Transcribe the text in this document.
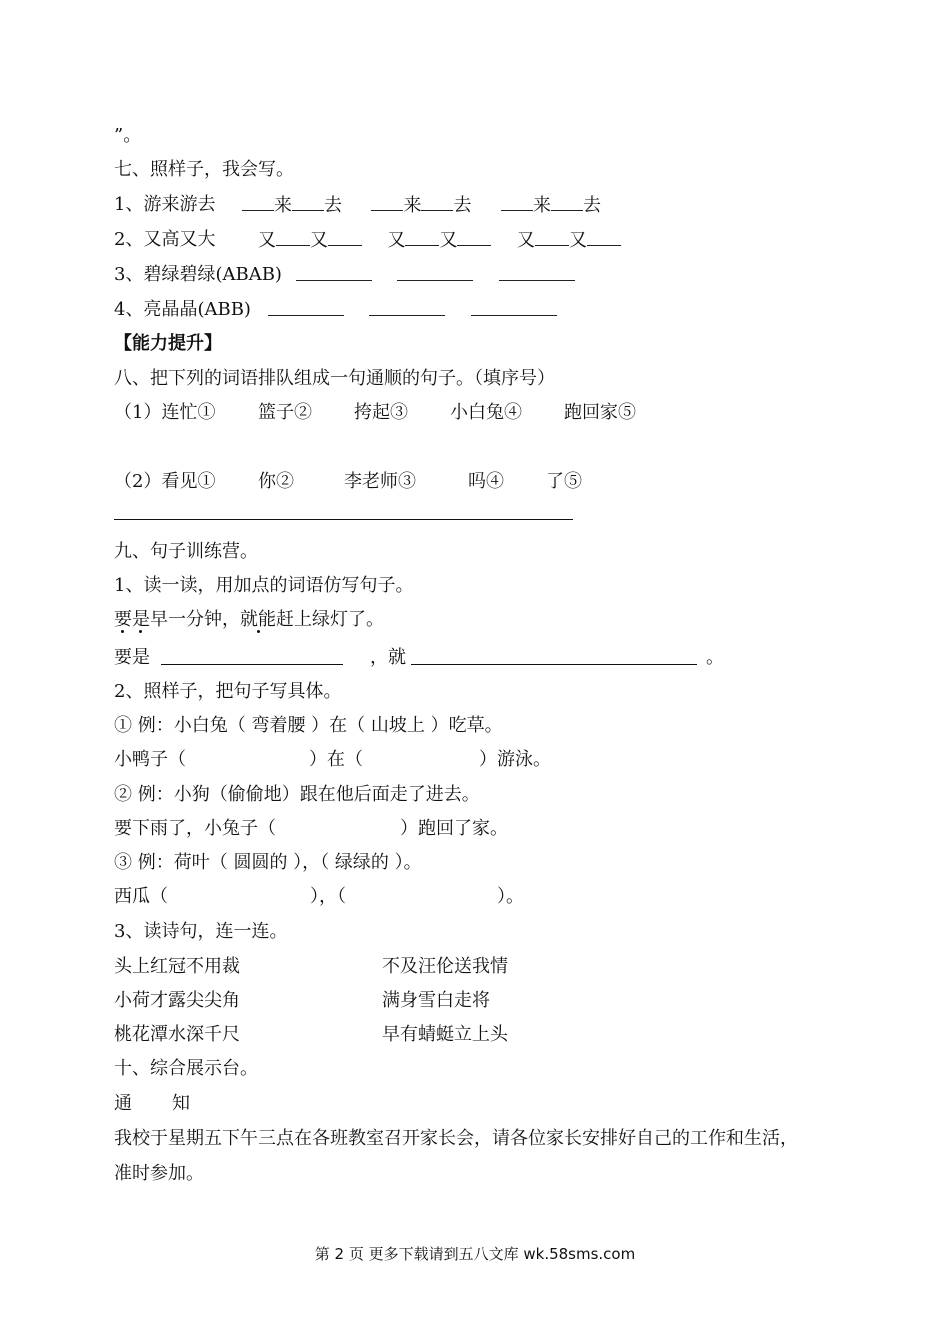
”。
七、照样子，我会写。
1、游来游去	来 去	来 去	来 去
2、又高又大 又 又	又 又	又 又
3、碧绿碧绿(ABAB)

4、亮晶晶(ABB)

【能力提升】
八、把下列的词语排队组成一句通顺的句子。（填序号）
（1）连忙① 篮子② 挎起③ 小白兔④ 跑回家⑤
（2）看见① 你②	李老师③	吗④ 了⑤
九、句子训练营。
1、读一读，用加点的词语仿写句子。
要是早一分钟，就能赶上绿灯了。
要是	，就	。
2、照样子，把句子写具体。
① 例：小白兔（ 弯着腰 ）在（ 山坡上 ）吃草。
小鸭子（	）在（	）游泳。
② 例：小狗（偷偷地）跟在他后面走了进去。
要下雨了，小兔子（	）跑回了家。
③ 例：荷叶（ 圆圆的 ），（ 绿绿的 ）。
西瓜（	），（	）。
3、读诗句，连一连。
头上红冠不用裁	不及汪伦送我情
小荷才露尖尖角	满身雪白走将
桃花潭水深千尺	早有蜻蜓立上头
十、综合展示台。
通 知
我校于星期五下午三点在各班教室召开家长会，请各位家长安排好自己的工作和生活，
准时参加。
第 2 页 更多下载请到五八文库 wk.58sms.com
